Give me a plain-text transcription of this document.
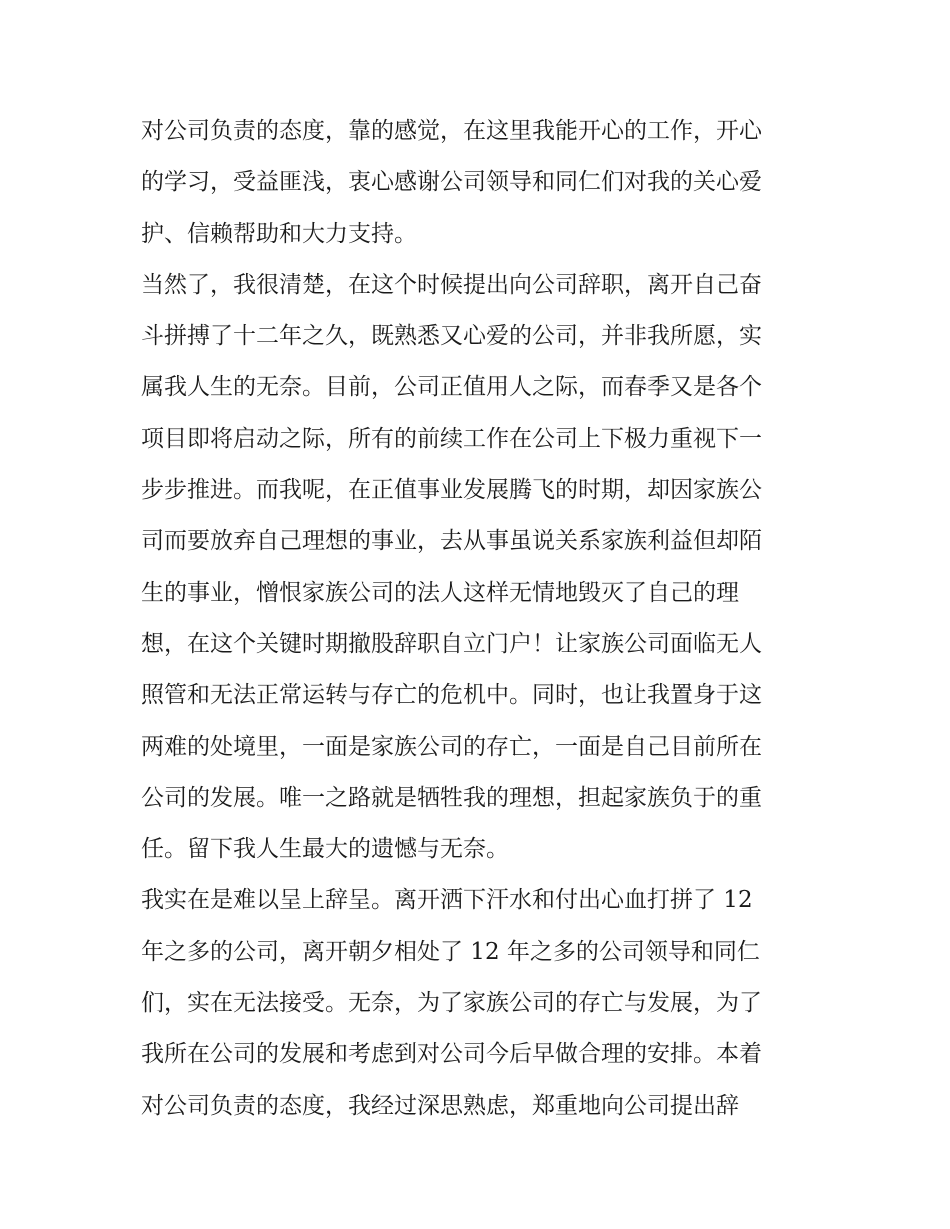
对公司负责的态度，靠的感觉，在这里我能开心的工作，开心
的学习，受益匪浅，衷心感谢公司领导和同仁们对我的关心爱
护、信赖帮助和大力支持。
当然了，我很清楚，在这个时候提出向公司辞职，离开自己奋
斗拼搏了十二年之久，既熟悉又心爱的公司，并非我所愿，实
属我人生的无奈。目前，公司正值用人之际，而春季又是各个
项目即将启动之际，所有的前续工作在公司上下极力重视下一
步步推进。而我呢，在正值事业发展腾飞的时期，却因家族公
司而要放弃自己理想的事业，去从事虽说关系家族利益但却陌
生的事业，憎恨家族公司的法人这样无情地毁灭了自己的理
想，在这个关键时期撤股辞职自立门户！让家族公司面临无人
照管和无法正常运转与存亡的危机中。同时，也让我置身于这
两难的处境里，一面是家族公司的存亡，一面是自己目前所在
公司的发展。唯一之路就是牺牲我的理想，担起家族负于的重
任。留下我人生最大的遗憾与无奈。
我实在是难以呈上辞呈。离开洒下汗水和付出心血打拼了 12
年之多的公司，离开朝夕相处了 12 年之多的公司领导和同仁
们，实在无法接受。无奈，为了家族公司的存亡与发展，为了
我所在公司的发展和考虑到对公司今后早做合理的安排。本着
对公司负责的态度，我经过深思熟虑，郑重地向公司提出辞
